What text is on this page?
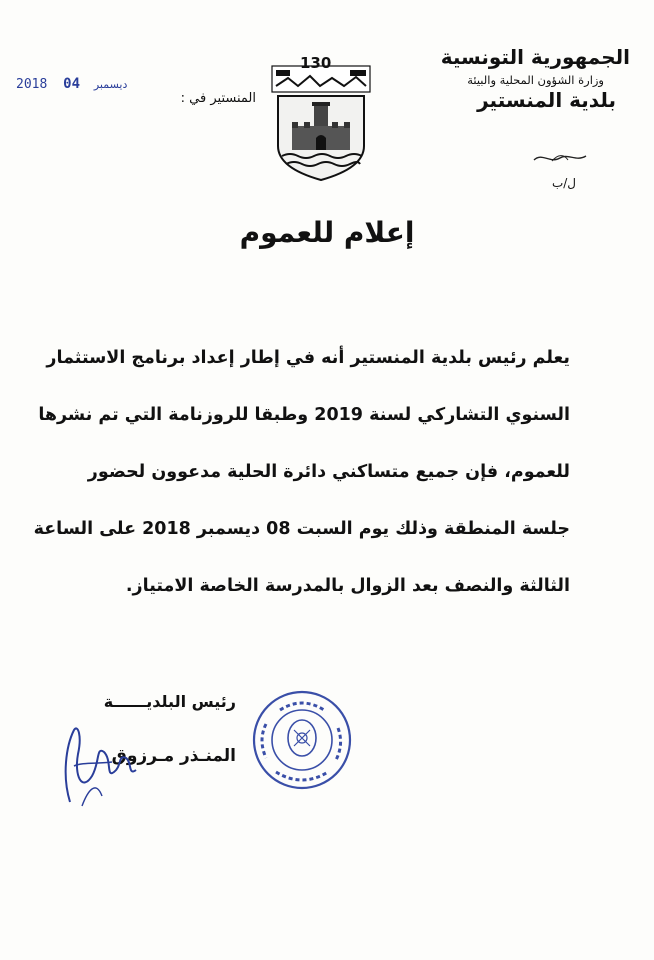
الجمهورية التونسية
وزارة الشؤون المحلية والبيئة
بلدية المنستير
ل/ب
2018	ديسمبر 04
المنستير في :
130
إعلام للعموم
يعلم رئيس بلدية المنستير أنه في إطار إعداد برنامج الاستثمار
السنوي التشاركي لسنة 2019 وطبقا للروزنامة التي تم نشرها
للعموم، فإن جميع متساكني دائرة الحلية مدعوون لحضور
جلسة المنطقة وذلك يوم السبت 08 ديسمبر 2018 على الساعة
الثالثة والنصف بعد الزوال بالمدرسة الخاصة الامتياز.
رئيس البلديــــــة
المنـذر مـرزوق
